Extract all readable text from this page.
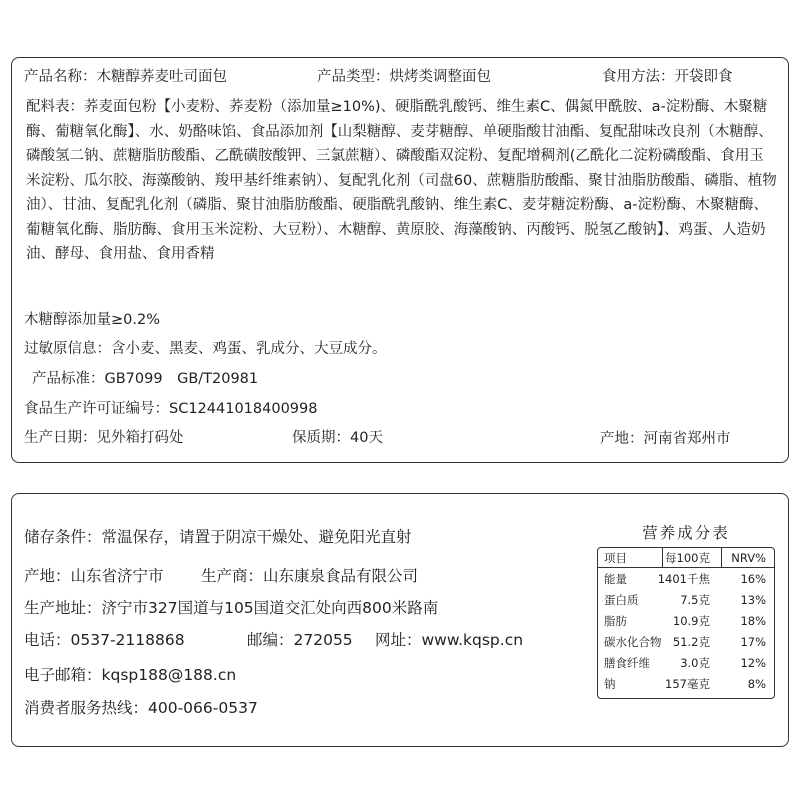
产品名称：木糖醇荞麦吐司面包	产品类型：烘烤类调整面包	食用方法：开袋即食
配料表：荞麦面包粉【小麦粉、荞麦粉（添加量≥10%)、硬脂酰乳酸钙、维生素C、偶氮甲酰胺、a-淀粉酶、木聚糖酶、葡糖氧化酶】、水、奶酪味馅、食品添加剂【山梨糖醇、麦芽糖醇、单硬脂酸甘油酯、复配甜味改良剂（木糖醇、磷酸氢二钠、蔗糖脂肪酸酯、乙酰磺胺酸钾、三氯蔗糖）、磷酸酯双淀粉、复配增稠剂(乙酰化二淀粉磷酸酯、食用玉米淀粉、瓜尔胶、海藻酸钠、羧甲基纤维素钠）、复配乳化剂（司盘60、蔗糖脂肪酸酯、聚甘油脂肪酸酯、磷脂、植物油）、甘油、复配乳化剂（磷脂、聚甘油脂肪酸酯、硬脂酰乳酸钠、维生素C、麦芽糖淀粉酶、a-淀粉酶、木聚糖酶、葡糖氧化酶、脂肪酶、食用玉米淀粉、大豆粉）、木糖醇、黄原胶、海藻酸钠、丙酸钙、脱氢乙酸钠】、鸡蛋、人造奶油、酵母、食用盐、食用香精
木糖醇添加量≥0.2%
过敏原信息：含小麦、黑麦、鸡蛋、乳成分、大豆成分。
产品标准：GB7099　GB/T20981
食品生产许可证编号：SC12441018400998
生产日期：见外箱打码处	保质期：40天	产地：河南省郑州市
储存条件：常温保存，请置于阴凉干燥处、避免阳光直射
产地：山东省济宁市 生产商：山东康泉食品有限公司
生产地址：济宁市327国道与105国道交汇处向西800米路南
电话：0537-2118868	邮编：272055 网址：www.kqsp.cn
电子邮箱：kqsp188@188.cn
消费者服务热线：400-066-0537
营养成分表
项目	每100克 NRV%
能量	1401千焦	16%
蛋白质	7.5克	13%
脂肪	10.9克	18%
碳水化合物 51.2克	17%
膳食纤维	3.0克	12%
钠	157毫克	8%
